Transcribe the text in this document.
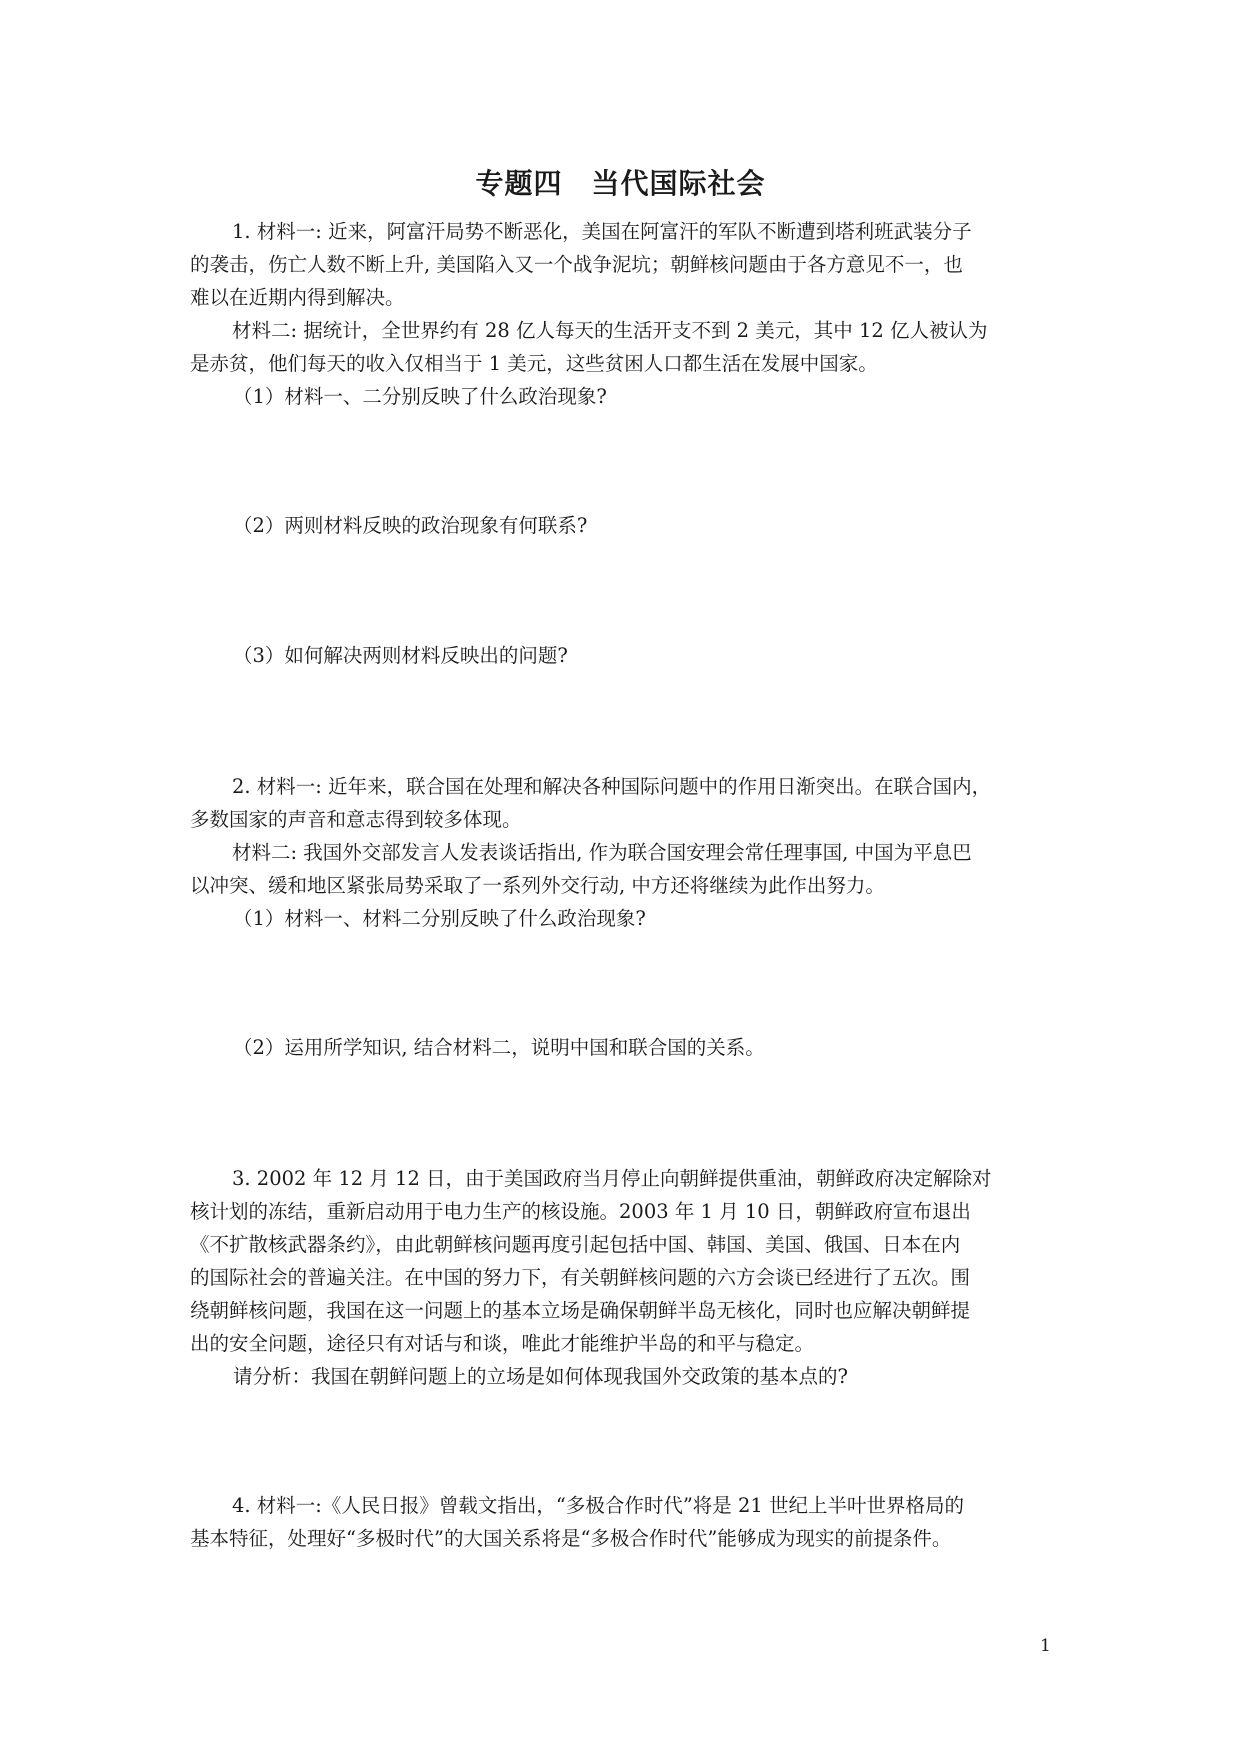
专题四　当代国际社会
1. 材料一: 近来，阿富汗局势不断恶化，美国在阿富汗的军队不断遭到塔利班武装分子
的袭击，伤亡人数不断上升, 美国陷入又一个战争泥坑；朝鲜核问题由于各方意见不一，也
难以在近期内得到解决。
材料二: 据统计，全世界约有 28 亿人每天的生活开支不到 2 美元，其中 12 亿人被认为
是赤贫，他们每天的收入仅相当于 1 美元，这些贫困人口都生活在发展中国家。
（1）材料一、二分别反映了什么政治现象?
（2）两则材料反映的政治现象有何联系?
（3）如何解决两则材料反映出的问题?
2. 材料一: 近年来，联合国在处理和解决各种国际问题中的作用日渐突出。在联合国内，
多数国家的声音和意志得到较多体现。
材料二: 我国外交部发言人发表谈话指出, 作为联合国安理会常任理事国, 中国为平息巴
以冲突、缓和地区紧张局势采取了一系列外交行动, 中方还将继续为此作出努力。
（1）材料一、材料二分别反映了什么政治现象?
（2）运用所学知识, 结合材料二，说明中国和联合国的关系。
3. 2002 年 12 月 12 日，由于美国政府当月停止向朝鲜提供重油，朝鲜政府决定解除对
核计划的冻结，重新启动用于电力生产的核设施。2003 年 1 月 10 日，朝鲜政府宣布退出
《不扩散核武器条约》，由此朝鲜核问题再度引起包括中国、韩国、美国、俄国、日本在内
的国际社会的普遍关注。在中国的努力下，有关朝鲜核问题的六方会谈已经进行了五次。围
绕朝鲜核问题，我国在这一问题上的基本立场是确保朝鲜半岛无核化，同时也应解决朝鲜提
出的安全问题，途径只有对话与和谈，唯此才能维护半岛的和平与稳定。
请分析：我国在朝鲜问题上的立场是如何体现我国外交政策的基本点的?
4. 材料一:《人民日报》曾载文指出，“多极合作时代”将是 21 世纪上半叶世界格局的
基本特征，处理好“多极时代”的大国关系将是“多极合作时代”能够成为现实的前提条件。
1
